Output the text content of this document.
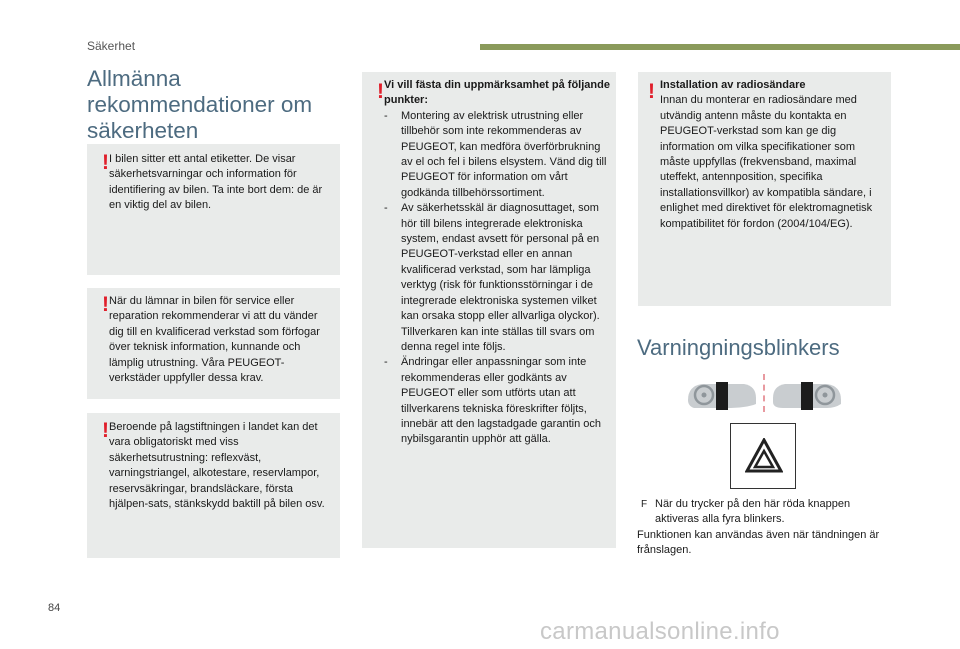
Säkerhet
Allmänna rekommendationer om säkerheten
! I bilen sitter ett antal etiketter. De visar säkerhetsvarningar och information för identifiering av bilen. Ta inte bort dem: de är en viktig del av bilen.
! När du lämnar in bilen för service eller reparation rekommenderar vi att du vänder dig till en kvalificerad verkstad som förfogar över teknisk information, kunnande och lämplig utrustning. Våra PEUGEOT-verkstäder uppfyller dessa krav.
! Beroende på lagstiftningen i landet kan det vara obligatoriskt med viss säkerhetsutrustning: reflexväst, varningstriangel, alkotestare, reservlampor, reservsäkringar, brandsläckare, första hjälpen-sats, stänkskydd baktill på bilen osv.
! Vi vill fästa din uppmärksamhet på följande punkter:
- Montering av elektrisk utrustning eller tillbehör som inte rekommenderas av PEUGEOT, kan medföra överförbrukning av el och fel i bilens elsystem. Vänd dig till PEUGEOT för information om vårt godkända tillbehörssortiment.
- Av säkerhetsskäl är diagnosuttaget, som hör till bilens integrerade elektroniska system, endast avsett för personal på en PEUGEOT-verkstad eller en annan kvalificerad verkstad, som har lämpliga verktyg (risk för funktionsstörningar i de integrerade elektroniska systemen vilket kan orsaka stopp eller allvarliga olyckor). Tillverkaren kan inte ställas till svars om denna regel inte följs.
- Ändringar eller anpassningar som inte rekommenderas eller godkänts av PEUGEOT eller som utförts utan att tillverkarens tekniska föreskrifter följts, innebär att den lagstadgade garantin och nybilsgarantin upphör att gälla.
! Installation av radiosändare
Innan du monterar en radiosändare med utvändig antenn måste du kontakta en PEUGEOT-verkstad som kan ge dig information om vilka specifikationer som måste uppfyllas (frekvensband, maximal uteffekt, antennposition, specifika installationsvillkor) av kompatibla sändare, i enlighet med direktivet för elektromagnetisk kompatibilitet för fordon (2004/104/EG).
Varningningsblinkers
F När du trycker på den här röda knappen aktiveras alla fyra blinkers.
Funktionen kan användas även när tändningen är frånslagen.
84
carmanualsonline.info
